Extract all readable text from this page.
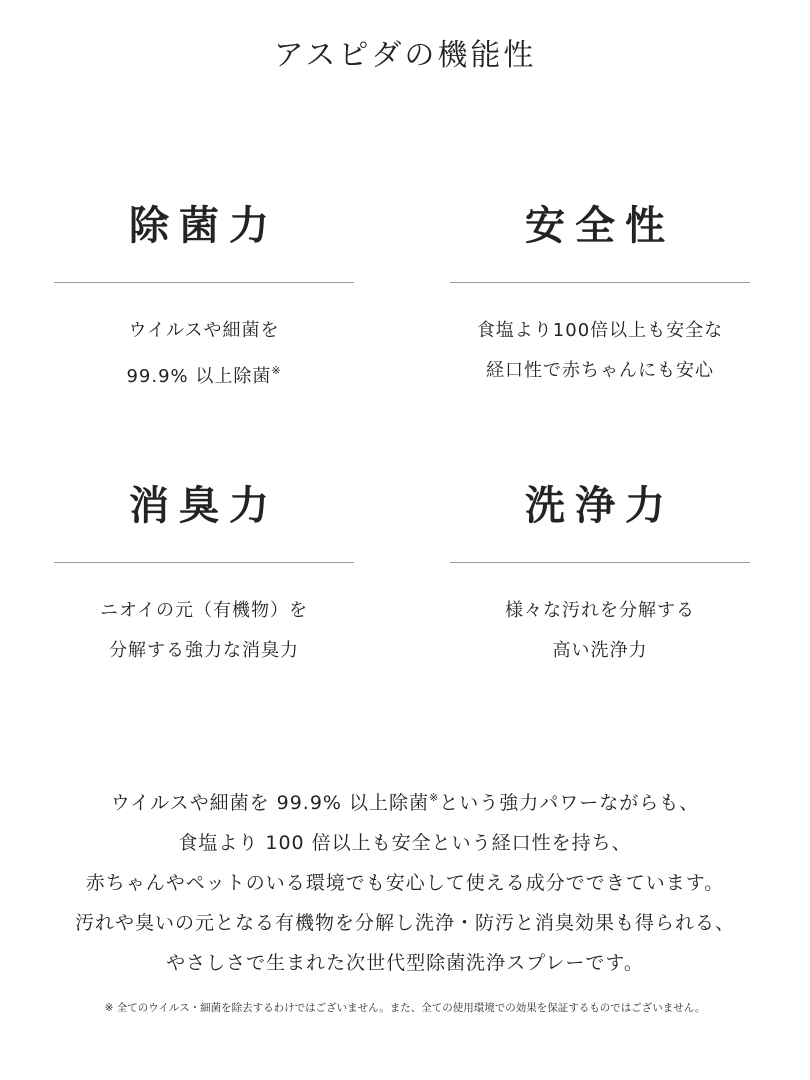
アスピダの機能性
除菌力
ウイルスや細菌を
99.9% 以上除菌※
安全性
食塩より100倍以上も安全な
経口性で赤ちゃんにも安心
消臭力
ニオイの元（有機物）を
分解する強力な消臭力
洗浄力
様々な汚れを分解する
高い洗浄力
ウイルスや細菌を 99.9% 以上除菌※という強力パワーながらも、
食塩より 100 倍以上も安全という経口性を持ち、
赤ちゃんやペットのいる環境でも安心して使える成分でできています。
汚れや臭いの元となる有機物を分解し洗浄・防汚と消臭効果も得られる、
やさしさで生まれた次世代型除菌洗浄スプレーです。
※ 全てのウイルス・細菌を除去するわけではございません。また、全ての使用環境での効果を保証するものではございません。
